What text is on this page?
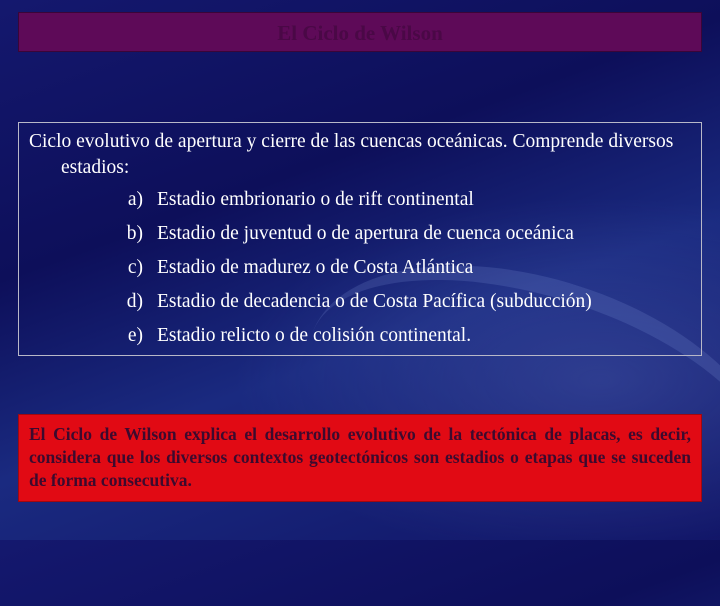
El Ciclo de Wilson

Ciclo evolutivo de apertura y cierre de las cuencas oceánicas. Comprende diversos estadios:

a) Estadio embrionario o de rift continental
b) Estadio de juventud o de apertura de cuenca oceánica
c) Estadio de madurez o de Costa Atlántica
d) Estadio de decadencia o de Costa Pacífica (subducción)
e) Estadio relicto o de colisión continental.
El Ciclo de Wilson explica el desarrollo evolutivo de la tectónica de placas, es decir, considera que los diversos contextos geotectónicos son estadios o etapas que se suceden de forma consecutiva.
